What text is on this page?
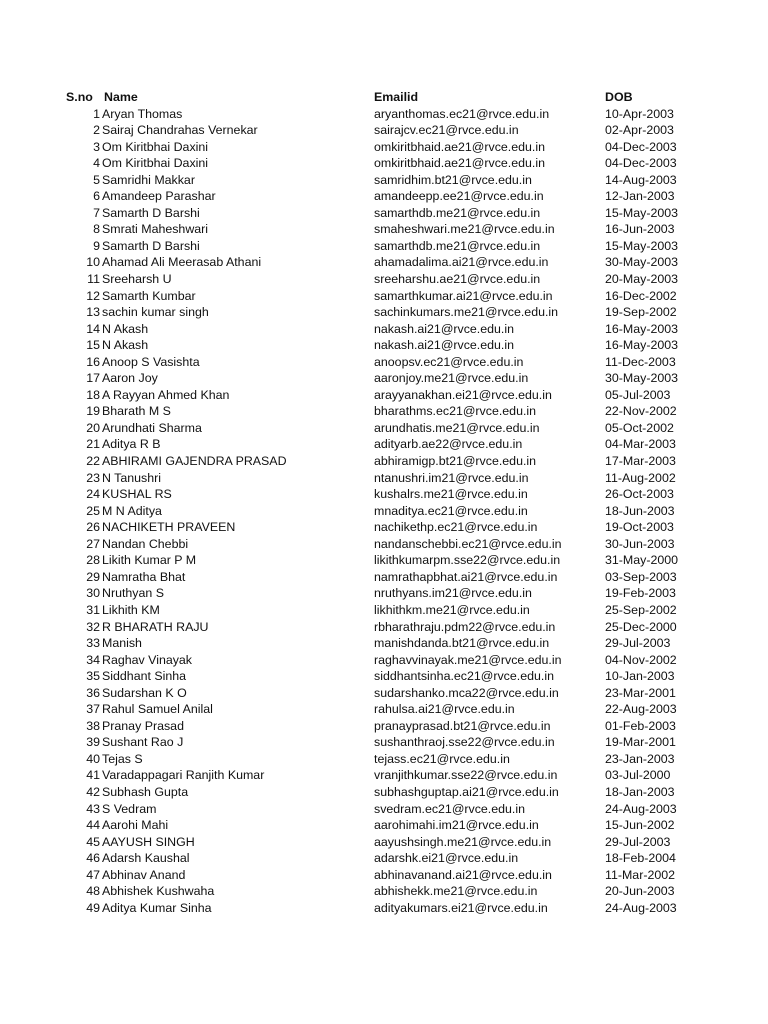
S.no	Name	Emailid	DOB
1	Aryan Thomas	aryanthomas.ec21@rvce.edu.in	10-Apr-2003
2	Sairaj Chandrahas Vernekar	sairajcv.ec21@rvce.edu.in	02-Apr-2003
3	Om Kiritbhai Daxini	omkiritbhaid.ae21@rvce.edu.in	04-Dec-2003
4	Om Kiritbhai Daxini	omkiritbhaid.ae21@rvce.edu.in	04-Dec-2003
5	Samridhi Makkar	samridhim.bt21@rvce.edu.in	14-Aug-2003
6	Amandeep Parashar	amandeepp.ee21@rvce.edu.in	12-Jan-2003
7	Samarth D Barshi	samarthdb.me21@rvce.edu.in	15-May-2003
8	Smrati Maheshwari	smaheshwari.me21@rvce.edu.in	16-Jun-2003
9	Samarth D Barshi	samarthdb.me21@rvce.edu.in	15-May-2003
10	Ahamad Ali Meerasab Athani	ahamadalima.ai21@rvce.edu.in	30-May-2003
11	Sreeharsh U	sreeharshu.ae21@rvce.edu.in	20-May-2003
12	Samarth Kumbar	samarthkumar.ai21@rvce.edu.in	16-Dec-2002
13	sachin kumar singh	sachinkumars.me21@rvce.edu.in	19-Sep-2002
14	N Akash	nakash.ai21@rvce.edu.in	16-May-2003
15	N Akash	nakash.ai21@rvce.edu.in	16-May-2003
16	Anoop S Vasishta	anoopsv.ec21@rvce.edu.in	11-Dec-2003
17	Aaron Joy	aaronjoy.me21@rvce.edu.in	30-May-2003
18	A Rayyan Ahmed Khan	arayyanakhan.ei21@rvce.edu.in	05-Jul-2003
19	Bharath M S	bharathms.ec21@rvce.edu.in	22-Nov-2002
20	Arundhati Sharma	arundhatis.me21@rvce.edu.in	05-Oct-2002
21	Aditya R B	adityarb.ae22@rvce.edu.in	04-Mar-2003
22	ABHIRAMI GAJENDRA PRASAD	abhiramigp.bt21@rvce.edu.in	17-Mar-2003
23	N Tanushri	ntanushri.im21@rvce.edu.in	11-Aug-2002
24	KUSHAL RS	kushalrs.me21@rvce.edu.in	26-Oct-2003
25	M N Aditya	mnaditya.ec21@rvce.edu.in	18-Jun-2003
26	NACHIKETH PRAVEEN	nachikethp.ec21@rvce.edu.in	19-Oct-2003
27	Nandan Chebbi	nandanschebbi.ec21@rvce.edu.in	30-Jun-2003
28	Likith Kumar P M	likithkumarpm.sse22@rvce.edu.in	31-May-2000
29	Namratha Bhat	namrathapbhat.ai21@rvce.edu.in	03-Sep-2003
30	Nruthyan S	nruthyans.im21@rvce.edu.in	19-Feb-2003
31	Likhith KM	likhithkm.me21@rvce.edu.in	25-Sep-2002
32	R BHARATH RAJU	rbharathraju.pdm22@rvce.edu.in	25-Dec-2000
33	Manish	manishdanda.bt21@rvce.edu.in	29-Jul-2003
34	Raghav Vinayak	raghavvinayak.me21@rvce.edu.in	04-Nov-2002
35	Siddhant Sinha	siddhantsinha.ec21@rvce.edu.in	10-Jan-2003
36	Sudarshan K O	sudarshanko.mca22@rvce.edu.in	23-Mar-2001
37	Rahul Samuel Anilal	rahulsa.ai21@rvce.edu.in	22-Aug-2003
38	Pranay Prasad	pranayprasad.bt21@rvce.edu.in	01-Feb-2003
39	Sushant Rao J	sushanthraoj.sse22@rvce.edu.in	19-Mar-2001
40	Tejas S	tejass.ec21@rvce.edu.in	23-Jan-2003
41	Varadappagari Ranjith Kumar	vranjithkumar.sse22@rvce.edu.in	03-Jul-2000
42	Subhash Gupta	subhashguptap.ai21@rvce.edu.in	18-Jan-2003
43	S Vedram	svedram.ec21@rvce.edu.in	24-Aug-2003
44	Aarohi Mahi	aarohimahi.im21@rvce.edu.in	15-Jun-2002
45	AAYUSH SINGH	aayushsingh.me21@rvce.edu.in	29-Jul-2003
46	Adarsh Kaushal	adarshk.ei21@rvce.edu.in	18-Feb-2004
47	Abhinav Anand	abhinavanand.ai21@rvce.edu.in	11-Mar-2002
48	Abhishek Kushwaha	abhishekk.me21@rvce.edu.in	20-Jun-2003
49	Aditya Kumar Sinha	adityakumars.ei21@rvce.edu.in	24-Aug-2003
